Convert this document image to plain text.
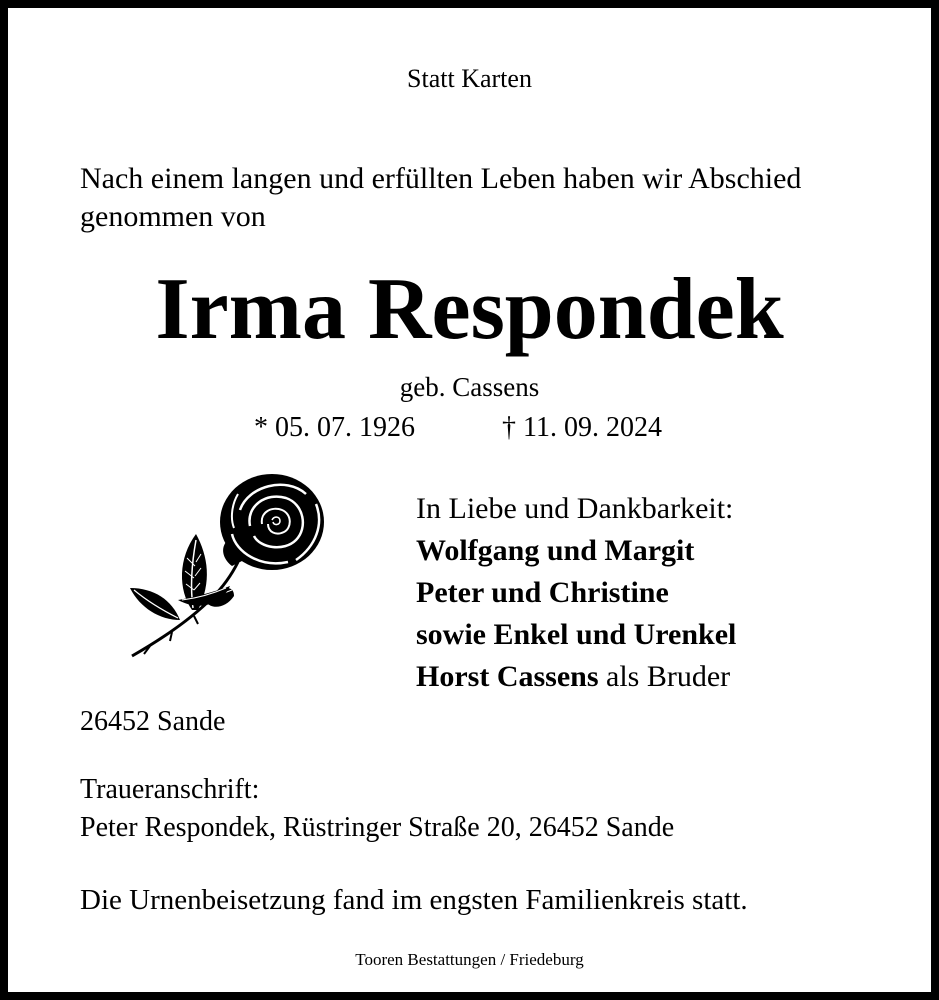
Statt Karten
Nach einem langen und erfüllten Leben haben wir Abschied genommen von
Irma Respondek
geb. Cassens
* 05. 07. 1926	† 11. 09. 2024
In Liebe und Dankbarkeit:
Wolfgang und Margit
Peter und Christine
sowie Enkel und Urenkel
Horst Cassens als Bruder
26452 Sande
Traueranschrift:
Peter Respondek, Rüstringer Straße 20, 26452 Sande
Die Urnenbeisetzung fand im engsten Familienkreis statt.
Tooren Bestattungen / Friedeburg
